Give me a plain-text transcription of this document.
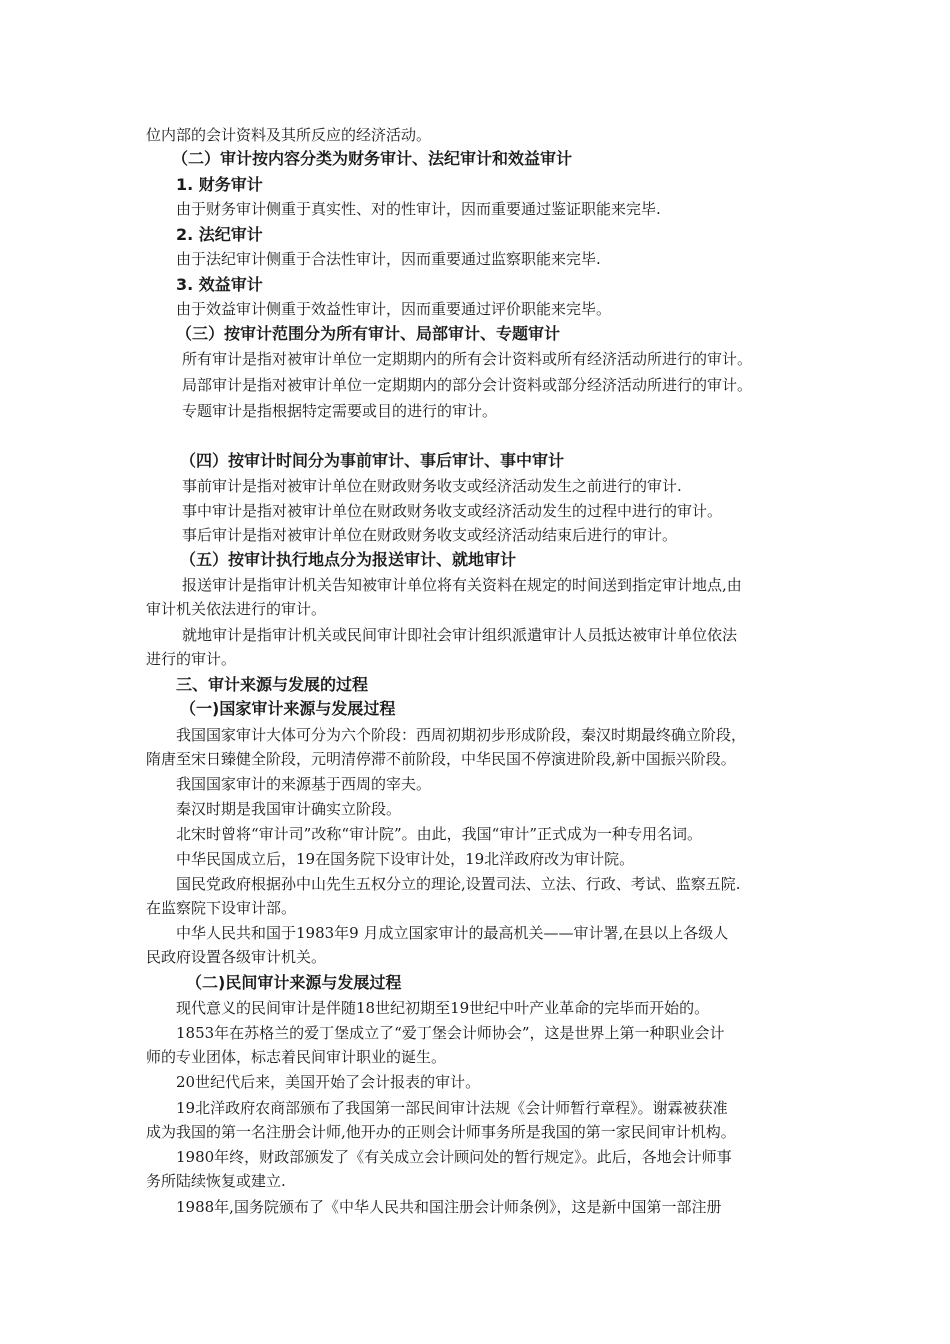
位内部的会计资料及其所反应的经济活动。
（二）审计按内容分类为财务审计、法纪审计和效益审计
1. 财务审计
由于财务审计侧重于真实性、对的性审计，因而重要通过鉴证职能来完毕.
2. 法纪审计
由于法纪审计侧重于合法性审计，因而重要通过监察职能来完毕.
3. 效益审计
由于效益审计侧重于效益性审计，因而重要通过评价职能来完毕。
（三）按审计范围分为所有审计、局部审计、专题审计
所有审计是指对被审计单位一定期期内的所有会计资料或所有经济活动所进行的审计。
局部审计是指对被审计单位一定期期内的部分会计资料或部分经济活动所进行的审计。
专题审计是指根据特定需要或目的进行的审计。
（四）按审计时间分为事前审计、事后审计、事中审计
事前审计是指对被审计单位在财政财务收支或经济活动发生之前进行的审计.
事中审计是指对被审计单位在财政财务收支或经济活动发生的过程中进行的审计。
事后审计是指对被审计单位在财政财务收支或经济活动结束后进行的审计。
（五）按审计执行地点分为报送审计、就地审计
报送审计是指审计机关告知被审计单位将有关资料在规定的时间送到指定审计地点,由
审计机关依法进行的审计。
就地审计是指审计机关或民间审计即社会审计组织派遣审计人员抵达被审计单位依法
进行的审计。
三、审计来源与发展的过程
（一)国家审计来源与发展过程
我国国家审计大体可分为六个阶段：西周初期初步形成阶段，秦汉时期最终确立阶段，
隋唐至宋日臻健全阶段，元明清停滞不前阶段，中华民国不停演进阶段,新中国振兴阶段。
我国国家审计的来源基于西周的宰夫。
秦汉时期是我国审计确实立阶段。
北宋时曾将“审计司”改称“审计院”。由此，我国“审计”正式成为一种专用名词。
中华民国成立后，19在国务院下设审计处，19北洋政府改为审计院。
国民党政府根据孙中山先生五权分立的理论,设置司法、立法、行政、考试、监察五院.
在监察院下设审计部。
中华人民共和国于1983年9 月成立国家审计的最高机关——审计署,在县以上各级人
民政府设置各级审计机关。
（二)民间审计来源与发展过程
现代意义的民间审计是伴随18世纪初期至19世纪中叶产业革命的完毕而开始的。
1853年在苏格兰的爱丁堡成立了“爱丁堡会计师协会”，这是世界上第一种职业会计
师的专业团体，标志着民间审计职业的诞生。
20世纪代后来，美国开始了会计报表的审计。
19北洋政府农商部颁布了我国第一部民间审计法规《会计师暂行章程》。谢霖被获准
成为我国的第一名注册会计师,他开办的正则会计师事务所是我国的第一家民间审计机构。
1980年终，财政部颁发了《有关成立会计顾问处的暂行规定》。此后，各地会计师事
务所陆续恢复或建立.
1988年,国务院颁布了《中华人民共和国注册会计师条例》，这是新中国第一部注册
